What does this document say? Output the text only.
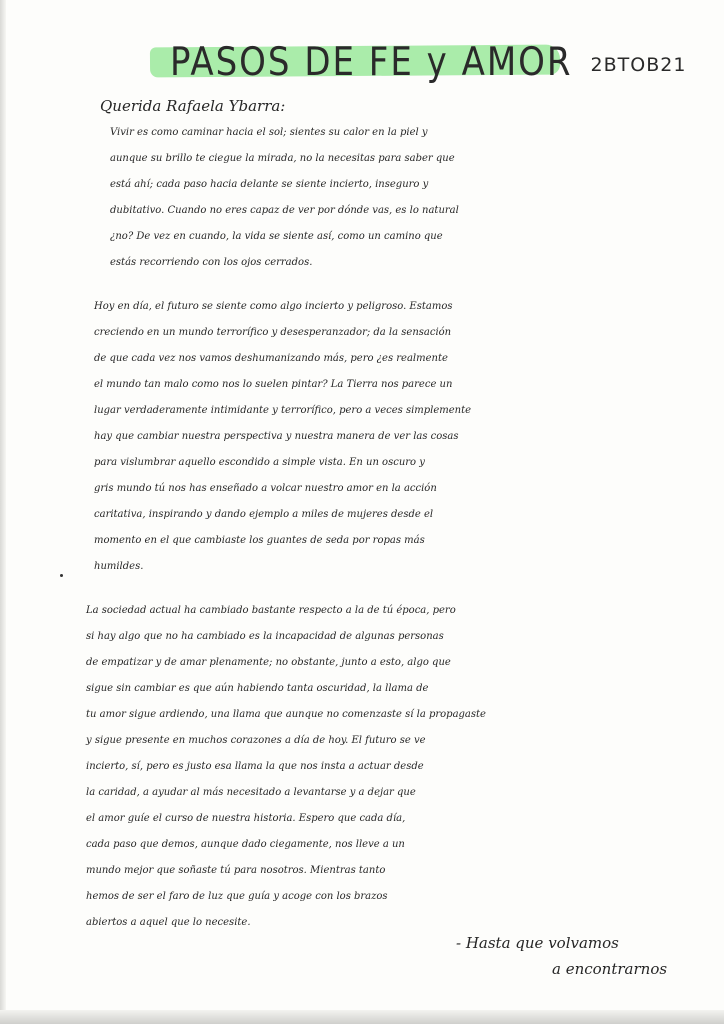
PASOS DE FE y AMOR 2BTOB21
Querida Rafaela Ybarra:
Vivir es como caminar hacia el sol; sientes su calor en la piel y
aunque su brillo te ciegue la mirada, no la necesitas para saber que
está ahí; cada paso hacia delante se siente incierto, inseguro y
dubitativo. Cuando no eres capaz de ver por dónde vas, es lo natural
¿no? De vez en cuando, la vida se siente así, como un camino que
estás recorriendo con los ojos cerrados.
Hoy en día, el futuro se siente como algo incierto y peligroso. Estamos
creciendo en un mundo terrorífico y desesperanzador; da la sensación
de que cada vez nos vamos deshumanizando más, pero ¿es realmente
el mundo tan malo como nos lo suelen pintar? La Tierra nos parece un
lugar verdaderamente intimidante y terrorífico, pero a veces simplemente
hay que cambiar nuestra perspectiva y nuestra manera de ver las cosas
para vislumbrar aquello escondido a simple vista. En un oscuro y
gris mundo tú nos has enseñado a volcar nuestro amor en la acción
caritativa, inspirando y dando ejemplo a miles de mujeres desde el
momento en el que cambiaste los guantes de seda por ropas más
humildes.
La sociedad actual ha cambiado bastante respecto a la de tú época, pero
si hay algo que no ha cambiado es la incapacidad de algunas personas
de empatizar y de amar plenamente; no obstante, junto a esto, algo que
sigue sin cambiar es que aún habiendo tanta oscuridad, la llama de
tu amor sigue ardiendo, una llama que aunque no comenzaste sí la propagaste
y sigue presente en muchos corazones a día de hoy. El futuro se ve
incierto, sí, pero es justo esa llama la que nos insta a actuar desde
la caridad, a ayudar al más necesitado a levantarse y a dejar que
el amor guíe el curso de nuestra historia. Espero que cada día,
cada paso que demos, aunque dado ciegamente, nos lleve a un
mundo mejor que soñaste tú para nosotros. Mientras tanto
hemos de ser el faro de luz que guía y acoge con los brazos
abiertos a aquel que lo necesite.
- Hasta que volvamos
a encontrarnos
